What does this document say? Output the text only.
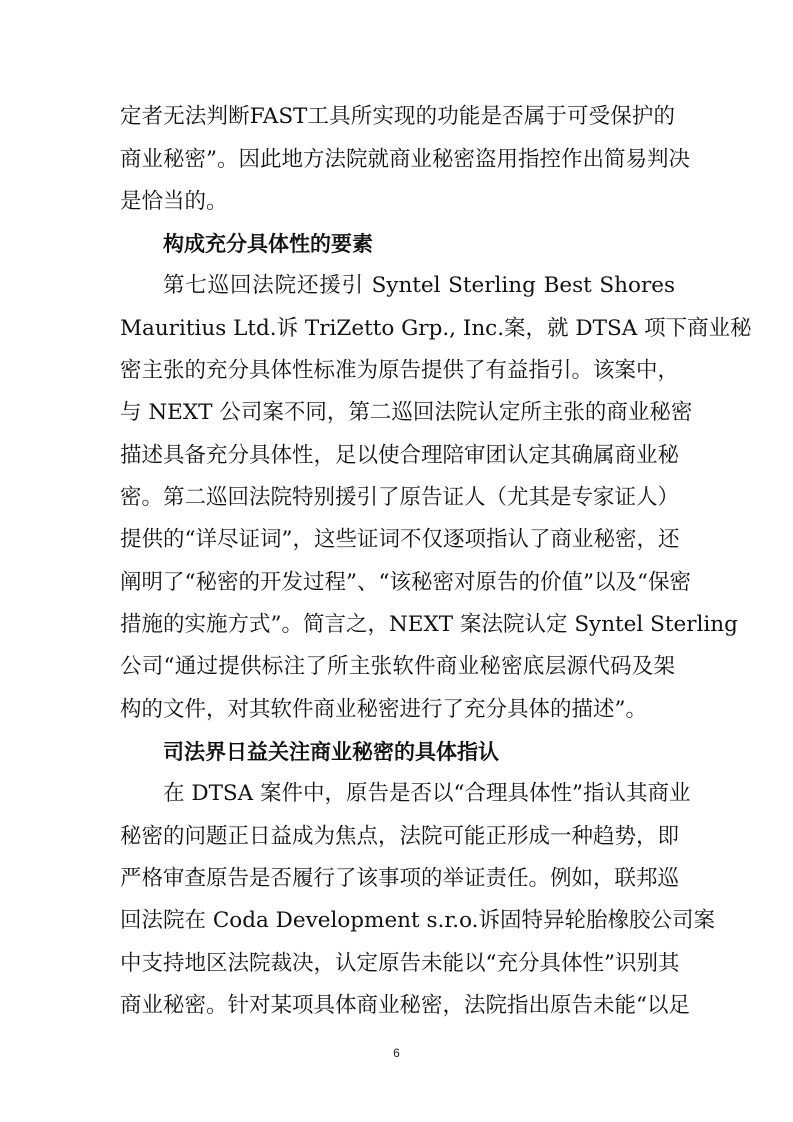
定者无法判断FAST工具所实现的功能是否属于可受保护的
商业秘密”。因此地方法院就商业秘密盗用指控作出简易判决
是恰当的。
构成充分具体性的要素
第七巡回法院还援引 Syntel Sterling Best Shores
Mauritius Ltd.诉 TriZetto Grp., Inc.案，就 DTSA 项下商业秘
密主张的充分具体性标准为原告提供了有益指引。该案中，
与 NEXT 公司案不同，第二巡回法院认定所主张的商业秘密
描述具备充分具体性，足以使合理陪审团认定其确属商业秘
密。第二巡回法院特别援引了原告证人（尤其是专家证人）
提供的“详尽证词”，这些证词不仅逐项指认了商业秘密，还
阐明了“秘密的开发过程”、“该秘密对原告的价值”以及“保密
措施的实施方式”。简言之，NEXT 案法院认定 Syntel Sterling
公司“通过提供标注了所主张软件商业秘密底层源代码及架
构的文件，对其软件商业秘密进行了充分具体的描述”。
司法界日益关注商业秘密的具体指认
在 DTSA 案件中，原告是否以“合理具体性”指认其商业
秘密的问题正日益成为焦点，法院可能正形成一种趋势，即
严格审查原告是否履行了该事项的举证责任。例如，联邦巡
回法院在 Coda Development s.r.o.诉固特异轮胎橡胶公司案
中支持地区法院裁决，认定原告未能以“充分具体性”识别其
商业秘密。针对某项具体商业秘密，法院指出原告未能“以足
6
